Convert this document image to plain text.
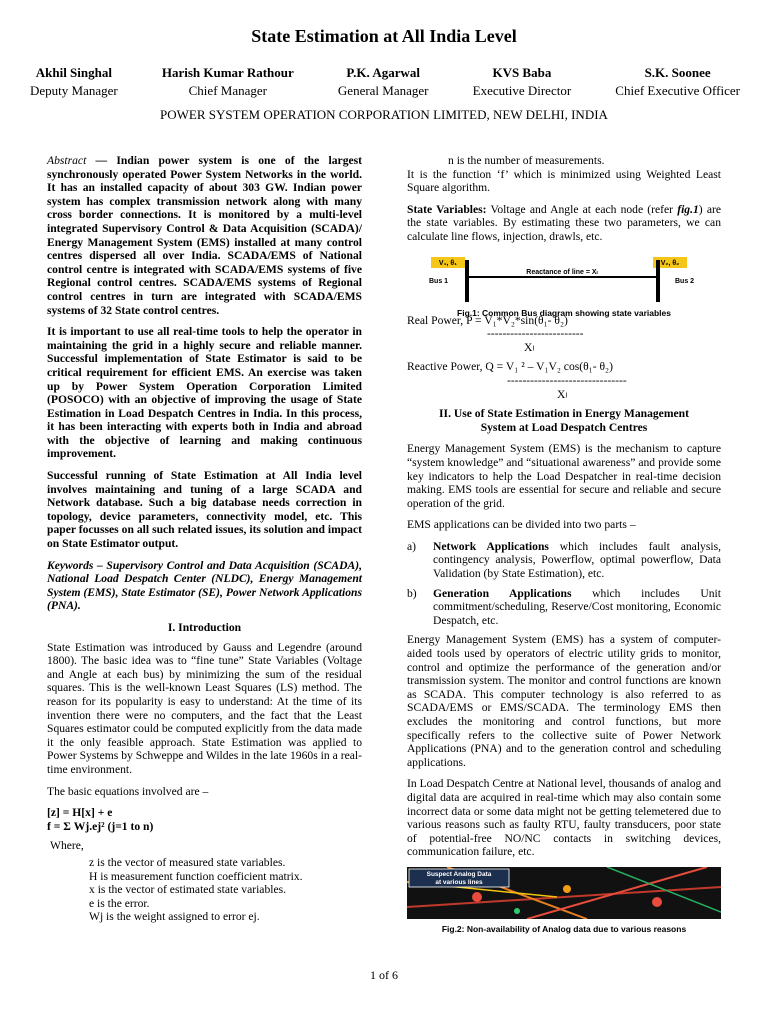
State Estimation at All India Level
Akhil Singhal
Deputy Manager
Harish Kumar Rathour
Chief Manager
P.K. Agarwal
General Manager
KVS Baba
Executive Director
S.K. Soonee
Chief Executive Officer
POWER SYSTEM OPERATION CORPORATION LIMITED, NEW DELHI, INDIA

Abstract — Indian power system is one of the largest synchronously operated Power System Networks in the world. It has an installed capacity of about 303 GW. Indian power system has complex transmission network along with many cross border connections. It is monitored by a multi-level integrated Supervisory Control & Data Acquisition (SCADA)/ Energy Management System (EMS) installed at many control centres dispersed all over India. SCADA/EMS of National control centre is integrated with SCADA/EMS systems of five Regional control centres. SCADA/EMS systems of Regional control centres in turn are integrated with SCADA/EMS systems of 32 State control centres.

It is important to use all real-time tools to help the operator in maintaining the grid in a highly secure and reliable manner. Successful implementation of State Estimator is said to be critical requirement for efficient EMS. An exercise was taken up by Power System Operation Corporation Limited (POSOCO) with an objective of improving the usage of State Estimation in Load Despatch Centres in India. In this process, it has been interacting with experts both in India and abroad with the objective of learning and making continuous improvement.

Successful running of State Estimation at All India level involves maintaining and tuning of a large SCADA and Network database. Such a big database needs correction in topology, device parameters, connectivity model, etc. This paper focusses on all such related issues, its solution and impact on State Estimator output.

Keywords – Supervisory Control and Data Acquisition (SCADA), National Load Despatch Center (NLDC), Energy Management System (EMS), State Estimator (SE), Power Network Applications (PNA).

I. Introduction

State Estimation was introduced by Gauss and Legendre (around 1800). The basic idea was to “fine tune” State Variables (Voltage and Angle at each bus) by minimizing the sum of the residual squares. This is the well-known Least Squares (LS) method. The reason for its popularity is easy to understand: At the time of its invention there were no computers, and the fact that the Least Squares estimator could be computed explicitly from the data made it the only feasible approach. State Estimation was applied to Power Systems by Schweppe and Wildes in the late 1960s in a real-time environment.

The basic equations involved are –

[z] = H[x] + e

f = Σ Wj.ej² (j=1 to n)

Where,

z is the vector of measured state variables.

H is measurement function coefficient matrix.

x is the vector of estimated state variables.

e is the error.

Wj is the weight assigned to error ej.

n is the number of measurements.

It is the function ‘f’ which is minimized using Weighted Least Square algorithm.

State Variables: Voltage and Angle at each node (refer fig.1) are the state variables. By estimating these two parameters, we can calculate line flows, injection, drawls, etc.

V₁, θ₁	V₂, θ₂
Reactance of line = Xₗ
Bus 1	Bus 2
Fig.1: Common Bus diagram showing state variables

Real Power, P = V₁*V₂*sin(θ₁- θ₂)

-------------------------

Xₗ

Reactive Power, Q = V₁ ² – V₁V₂ cos(θ₁- θ₂)

-------------------------------

Xₗ

II. Use of State Estimation in Energy Management
System at Load Despatch Centres

Energy Management System (EMS) is the mechanism to capture “system knowledge” and “situational awareness” and provide some key indicators to help the Load Despatcher in real-time decision making. EMS tools are essential for secure and reliable and secure operation of the grid.

EMS applications can be divided into two parts –

a)	Network Applications which includes fault analysis, contingency analysis, Powerflow, optimal powerflow, Data Validation (by State Estimation), etc.
b)	Generation Applications which includes Unit commitment/scheduling, Reserve/Cost monitoring, Economic Despatch, etc.

Energy Management System (EMS) has a system of computer-aided tools used by operators of electric utility grids to monitor, control and optimize the performance of the generation and/or transmission system. The monitor and control functions are known as SCADA. This computer technology is also referred to as SCADA/EMS or EMS/SCADA. The terminology EMS then excludes the monitoring and control functions, but more specifically refers to the collective suite of Power Network Applications (PNA) and to the generation control and scheduling applications.

In Load Despatch Centre at National level, thousands of analog and digital data are acquired in real-time which may also contain some incorrect data or some data might not be getting telemetered due to various reasons such as faulty RTU, faulty transducers, poor state of potential-free NO/NC contacts in switching devices, communication failure, etc.

Suspect Analog Data
at various lines
Fig.2: Non-availability of Analog data due to various reasons
1 of 6
